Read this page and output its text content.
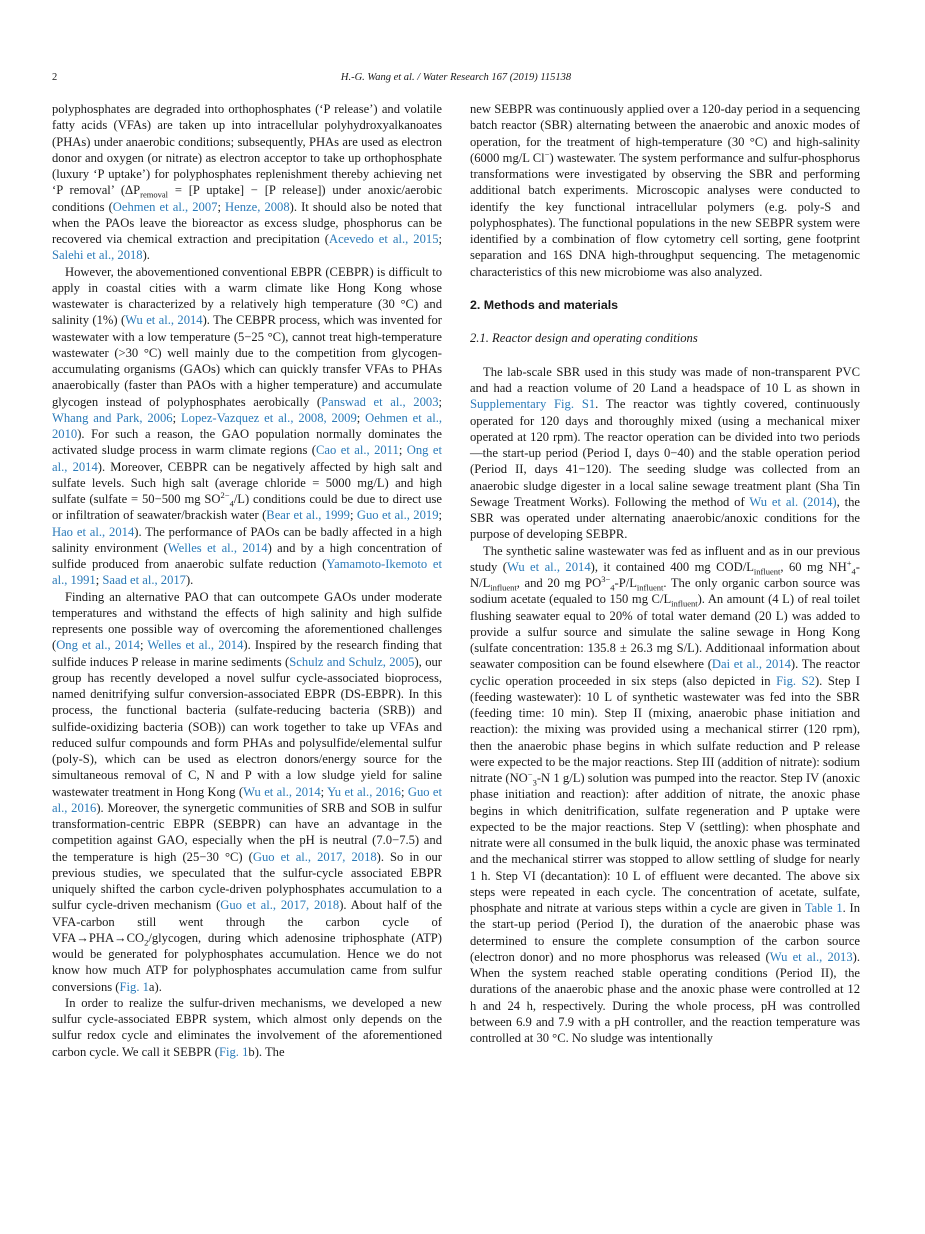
2	H.-G. Wang et al. / Water Research 167 (2019) 115138

polyphosphates are degraded into orthophosphates (‘P release’) and volatile fatty acids (VFAs) are taken up into intracellular polyhydroxyalkanoates (PHAs) under anaerobic conditions; subsequently, PHAs are used as electron donor and oxygen (or nitrate) as electron acceptor to take up orthophosphate (luxury ‘P uptake’) for polyphosphates replenishment thereby achieving net ‘P removal’ ($\Delta P_{removal} = [P$ uptake] − [P release]) under anoxic/aerobic conditions (Oehmen et al., 2007; Henze, 2008). It should also be noted that when the PAOs leave the bioreactor as excess sludge, phosphorus can be recovered via chemical extraction and precipitation (Acevedo et al., 2015; Salehi et al., 2018).

However, the abovementioned conventional EBPR (CEBPR) is difficult to apply in coastal cities with a warm climate like Hong Kong whose wastewater is characterized by a relatively high temperature (30 °C) and salinity (1%) (Wu et al., 2014). The CEBPR process, which was invented for wastewater with a low temperature (5−25 °C), cannot treat high-temperature wastewater (>30 °C) well mainly due to the competition from glycogen-accumulating organisms (GAOs) which can quickly transfer VFAs to PHAs anaerobically (faster than PAOs with a higher temperature) and accumulate glycogen instead of polyphosphates aerobically (Panswad et al., 2003; Whang and Park, 2006; Lopez-Vazquez et al., 2008, 2009; Oehmen et al., 2010). For such a reason, the GAO population normally dominates the activated sludge process in warm climate regions (Cao et al., 2011; Ong et al., 2014). Moreover, CEBPR can be negatively affected by high salt and sulfate levels. Such high salt (average chloride = 5000 mg/L) and high sulfate (sulfate = 50−500 mg $SO^{2-}_4/L$) conditions could be due to direct use or infiltration of seawater/brackish water (Bear et al., 1999; Guo et al., 2019; Hao et al., 2014). The performance of PAOs can be badly affected in a high salinity environment (Welles et al., 2014) and by a high concentration of sulfide produced from anaerobic sulfate reduction (Yamamoto-Ikemoto et al., 1991; Saad et al., 2017).

Finding an alternative PAO that can outcompete GAOs under moderate temperatures and withstand the effects of high salinity and high sulfide represents one possible way of overcoming the aforementioned challenges (Ong et al., 2014; Welles et al., 2014). Inspired by the research finding that sulfide induces P release in marine sediments (Schulz and Schulz, 2005), our group has recently developed a novel sulfur cycle-associated bioprocess, named denitrifying sulfur conversion-associated EBPR (DS-EBPR). In this process, the functional bacteria (sulfate-reducing bacteria (SRB)) and sulfide-oxidizing bacteria (SOB)) can work together to take up VFAs and reduced sulfur compounds and form PHAs and polysulfide/elemental sulfur (poly-S), which can be used as electron donors/energy source for the simultaneous removal of C, N and P with a low sludge yield for saline wastewater treatment in Hong Kong (Wu et al., 2014; Yu et al., 2016; Guo et al., 2016). Moreover, the synergetic communities of SRB and SOB in sulfur transformation-centric EBPR (SEBPR) can have an advantage in the competition against GAO, especially when the pH is neutral (7.0−7.5) and the temperature is high (25−30 °C) (Guo et al., 2017, 2018). So in our previous studies, we speculated that the sulfur-cycle associated EBPR uniquely shifted the carbon cycle-driven polyphosphates accumulation to a sulfur cycle-driven mechanism (Guo et al., 2017, 2018). About half of the VFA-carbon still went through the carbon cycle of $VFA\to PHA\to CO_2$/glycogen, during which adenosine triphosphate (ATP) would be generated for polyphosphates accumulation. Hence we do not know how much ATP for polyphosphates accumulation came from sulfur conversions (Fig. 1a).

In order to realize the sulfur-driven mechanisms, we developed a new sulfur cycle-associated EBPR system, which almost only depends on the sulfur redox cycle and eliminates the involvement of the aforementioned carbon cycle. We call it SEBPR (Fig. 1b). The

new SEBPR was continuously applied over a 120-day period in a sequencing batch reactor (SBR) alternating between the anaerobic and anoxic modes of operation, for the treatment of high-temperature (30 °C) and high-salinity (6000 mg/L Cl−) wastewater. The system performance and sulfur-phosphorus transformations were investigated by observing the SBR and performing additional batch experiments. Microscopic analyses were conducted to identify the key functional intracellular polymers (e.g. poly-S and polyphosphates). The functional populations in the new SEBPR system were identified by a combination of flow cytometry cell sorting, gene footprint separation and 16S DNA high-throughput sequencing. The metagenomic characteristics of this new microbiome was also analyzed.

2. Methods and materials
2.1. Reactor design and operating conditions

The lab-scale SBR used in this study was made of non-transparent PVC and had a reaction volume of 20 Land a headspace of 10 L as shown in Supplementary Fig. S1. The reactor was tightly covered, continuously operated for 120 days and thoroughly mixed (using a mechanical mixer operated at 120 rpm). The reactor operation can be divided into two periods—the start-up period (Period I, days 0−40) and the stable operation period (Period II, days 41−120). The seeding sludge was collected from an anaerobic sludge digester in a local saline sewage treatment plant (Sha Tin Sewage Treatment Works). Following the method of Wu et al. (2014), the SBR was operated under alternating anaerobic/anoxic conditions for the purpose of developing SEBPR.

The synthetic saline wastewater was fed as influent and as in our previous study (Wu et al., 2014), it contained 400 mg COD/$L_{influent}$, 60 mg $NH^+_4-N/L_{influent}$, and 20 mg $PO^{3-}_4-P/L_{influent}$. The only organic carbon source was sodium acetate (equaled to 150 mg $C/L_{influent}$). An amount (4 L) of real toilet flushing seawater equal to 20% of total water demand (20 L) was added to provide a sulfur source and simulate the saline sewage in Hong Kong (sulfate concentration: 135.8 ± 26.3 mg S/L). Additionaal information about seawater composition can be found elsewhere (Dai et al., 2014). The reactor cyclic operation proceeded in six steps (also depicted in Fig. S2). Step I (feeding wastewater): 10 L of synthetic wastewater was fed into the SBR (feeding time: 10 min). Step II (mixing, anaerobic phase initiation and reaction): the mixing was provided using a mechanical stirrer (120 rpm), then the anaerobic phase begins in which sulfate reduction and P release were expected to be the major reactions. Step III (addition of nitrate): sodium nitrate ($NO^-_3-N$ 1 g/L) solution was pumped into the reactor. Step IV (anoxic phase initiation and reaction): after addition of nitrate, the anoxic phase begins in which denitrification, sulfate regeneration and P uptake were expected to be the major reactions. Step V (settling): when phosphate and nitrate were all consumed in the bulk liquid, the anoxic phase was terminated and the mechanical stirrer was stopped to allow settling of sludge for nearly 1 h. Step VI (decantation): 10 L of effluent were decanted. The above six steps were repeated in each cycle. The concentration of acetate, sulfate, phosphate and nitrate at various steps within a cycle are given in Table 1. In the start-up period (Period I), the duration of the anaerobic phase was determined to ensure the complete consumption of the carbon source (electron donor) and no more phosphorus was released (Wu et al., 2013). When the system reached stable operating conditions (Period II), the durations of the anaerobic phase and the anoxic phase were controlled at 12 h and 24 h, respectively. During the whole process, pH was controlled between 6.9 and 7.9 with a pH controller, and the reaction temperature was controlled at 30 °C. No sludge was intentionally
